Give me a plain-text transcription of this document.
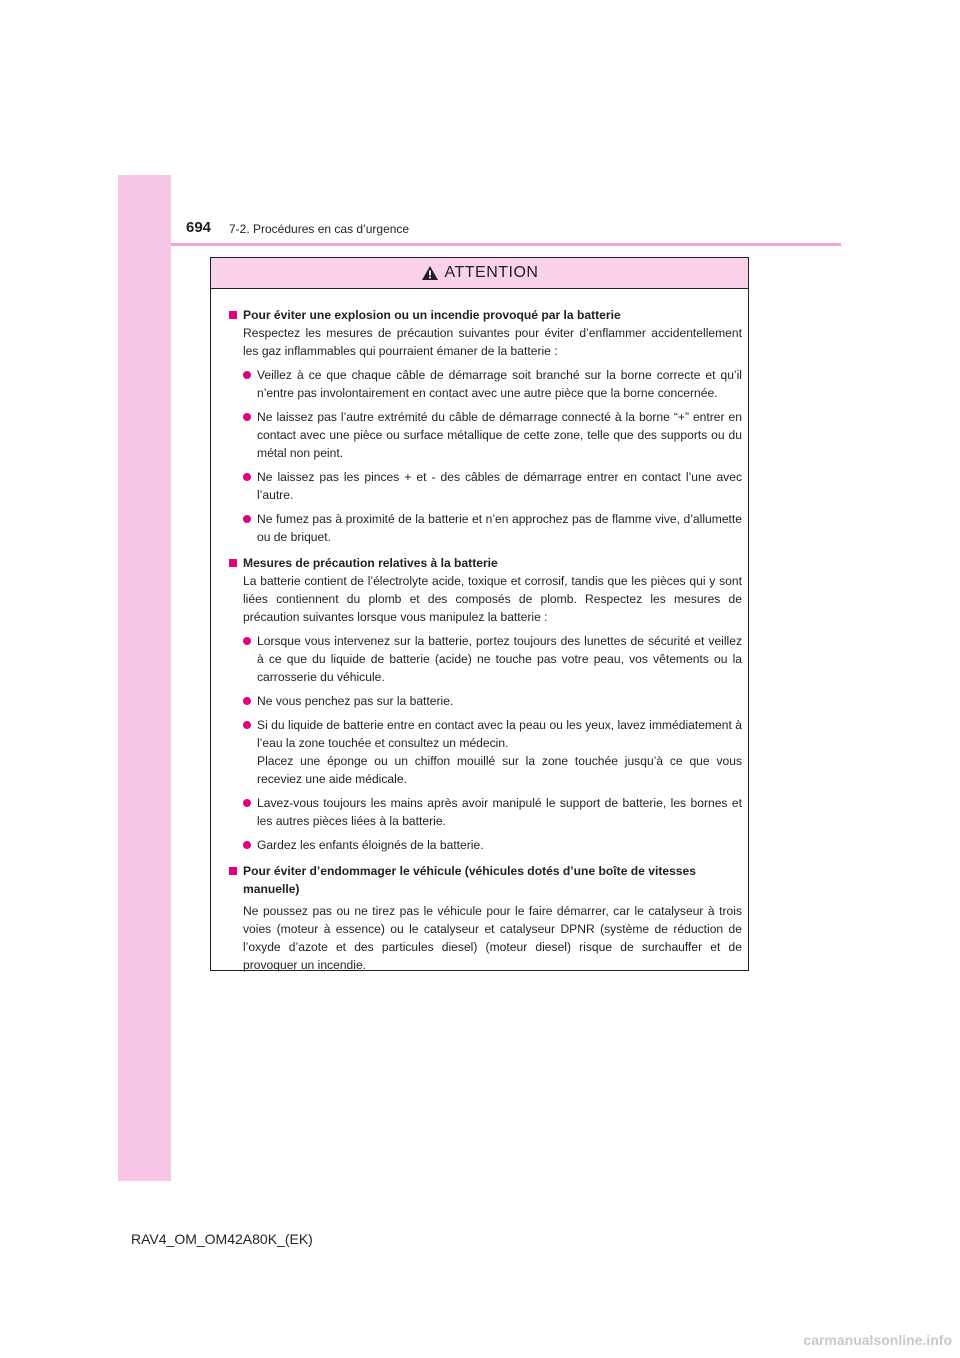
694 7-2. Procédures en cas d’urgence
ATTENTION
Pour éviter une explosion ou un incendie provoqué par la batterie
Respectez les mesures de précaution suivantes pour éviter d’enflammer accidentellement les gaz inflammables qui pourraient émaner de la batterie :
Veillez à ce que chaque câble de démarrage soit branché sur la borne correcte et qu’il n’entre pas involontairement en contact avec une autre pièce que la borne concernée.
Ne laissez pas l’autre extrémité du câble de démarrage connecté à la borne “+” entrer en contact avec une pièce ou surface métallique de cette zone, telle que des supports ou du métal non peint.
Ne laissez pas les pinces + et - des câbles de démarrage entrer en contact l’une avec l’autre.
Ne fumez pas à proximité de la batterie et n’en approchez pas de flamme vive, d’allumette ou de briquet.
Mesures de précaution relatives à la batterie
La batterie contient de l’électrolyte acide, toxique et corrosif, tandis que les pièces qui y sont liées contiennent du plomb et des composés de plomb. Respectez les mesures de précaution suivantes lorsque vous manipulez la batterie :
Lorsque vous intervenez sur la batterie, portez toujours des lunettes de sécurité et veillez à ce que du liquide de batterie (acide) ne touche pas votre peau, vos vêtements ou la carrosserie du véhicule.
Ne vous penchez pas sur la batterie.
Si du liquide de batterie entre en contact avec la peau ou les yeux, lavez immédiatement à l’eau la zone touchée et consultez un médecin.
Placez une éponge ou un chiffon mouillé sur la zone touchée jusqu’à ce que vous receviez une aide médicale.
Lavez-vous toujours les mains après avoir manipulé le support de batterie, les bornes et les autres pièces liées à la batterie.
Gardez les enfants éloignés de la batterie.
Pour éviter d’endommager le véhicule (véhicules dotés d’une boîte de vitesses manuelle)
Ne poussez pas ou ne tirez pas le véhicule pour le faire démarrer, car le catalyseur à trois voies (moteur à essence) ou le catalyseur et catalyseur DPNR (système de réduction de l’oxyde d’azote et des particules diesel) (moteur diesel) risque de surchauffer et de provoquer un incendie.
RAV4_OM_OM42A80K_(EK)
carmanualsonline.info
